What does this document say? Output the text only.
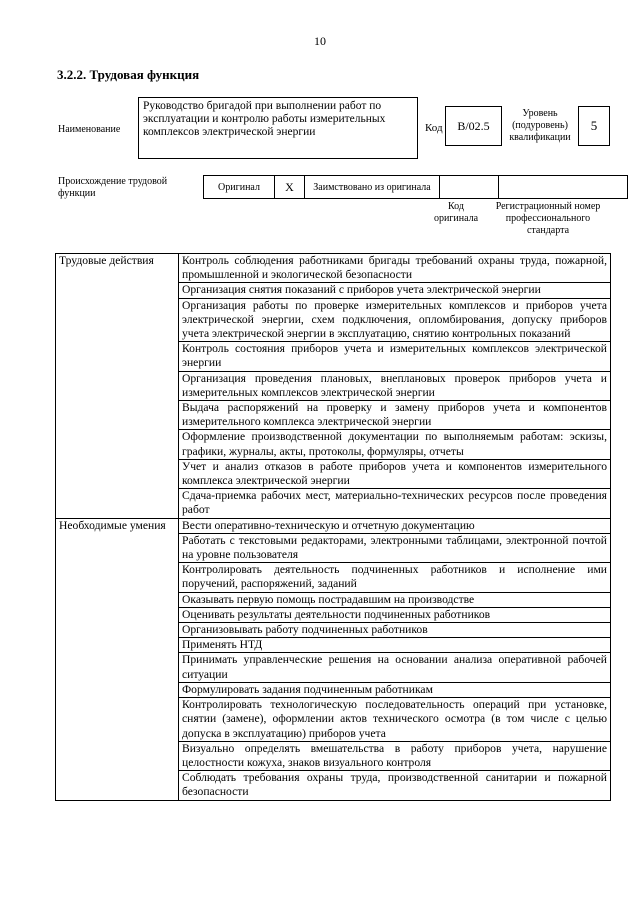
10
3.2.2. Трудовая функция
Наименование
Руководство бригадой при выполнении работ по эксплуатации и контролю работы измерительных комплексов электрической энергии	Код	B/02.5
Уровень (подуровень) квалификации
5
Происхождение трудовой функции
Оригинал	X	Заимствовано из оригинала		
Код оригинала
Регистрационный номер профессионального стандарта
Трудовые действия	Контроль соблюдения работниками бригады требований охраны труда, пожарной, промышленной и экологической безопасности
	Организация снятия показаний с приборов учета электрической энергии
	Организация работы по проверке измерительных комплексов и приборов учета электрической энергии, схем подключения, опломбирования, допуску приборов учета электрической энергии в эксплуатацию, снятию контрольных показаний
	Контроль состояния приборов учета и измерительных комплексов электрической энергии
	Организация проведения плановых, внеплановых проверок приборов учета и измерительных комплексов электрической энергии
	Выдача распоряжений на проверку и замену приборов учета и компонентов измерительного комплекса электрической энергии
	Оформление производственной документации по выполняемым работам: эскизы, графики, журналы, акты, протоколы, формуляры, отчеты
	Учет и анализ отказов в работе приборов учета и компонентов измерительного комплекса электрической энергии
	Сдача-приемка рабочих мест, материально-технических ресурсов после проведения работ
Необходимые умения	Вести оперативно-техническую и отчетную документацию
	Работать с текстовыми редакторами, электронными таблицами, электронной почтой на уровне пользователя
	Контролировать деятельность подчиненных работников и исполнение ими поручений, распоряжений, заданий
	Оказывать первую помощь пострадавшим на производстве
	Оценивать результаты деятельности подчиненных работников
	Организовывать работу подчиненных работников
	Применять НТД
	Принимать управленческие решения на основании анализа оперативной рабочей ситуации
	Формулировать задания подчиненным работникам
	Контролировать технологическую последовательность операций при установке, снятии (замене), оформлении актов технического осмотра (в том числе с целью допуска в эксплуатацию) приборов учета
	Визуально определять вмешательства в работу приборов учета, нарушение целостности кожуха, знаков визуального контроля
	Соблюдать требования охраны труда, производственной санитарии и пожарной безопасности
